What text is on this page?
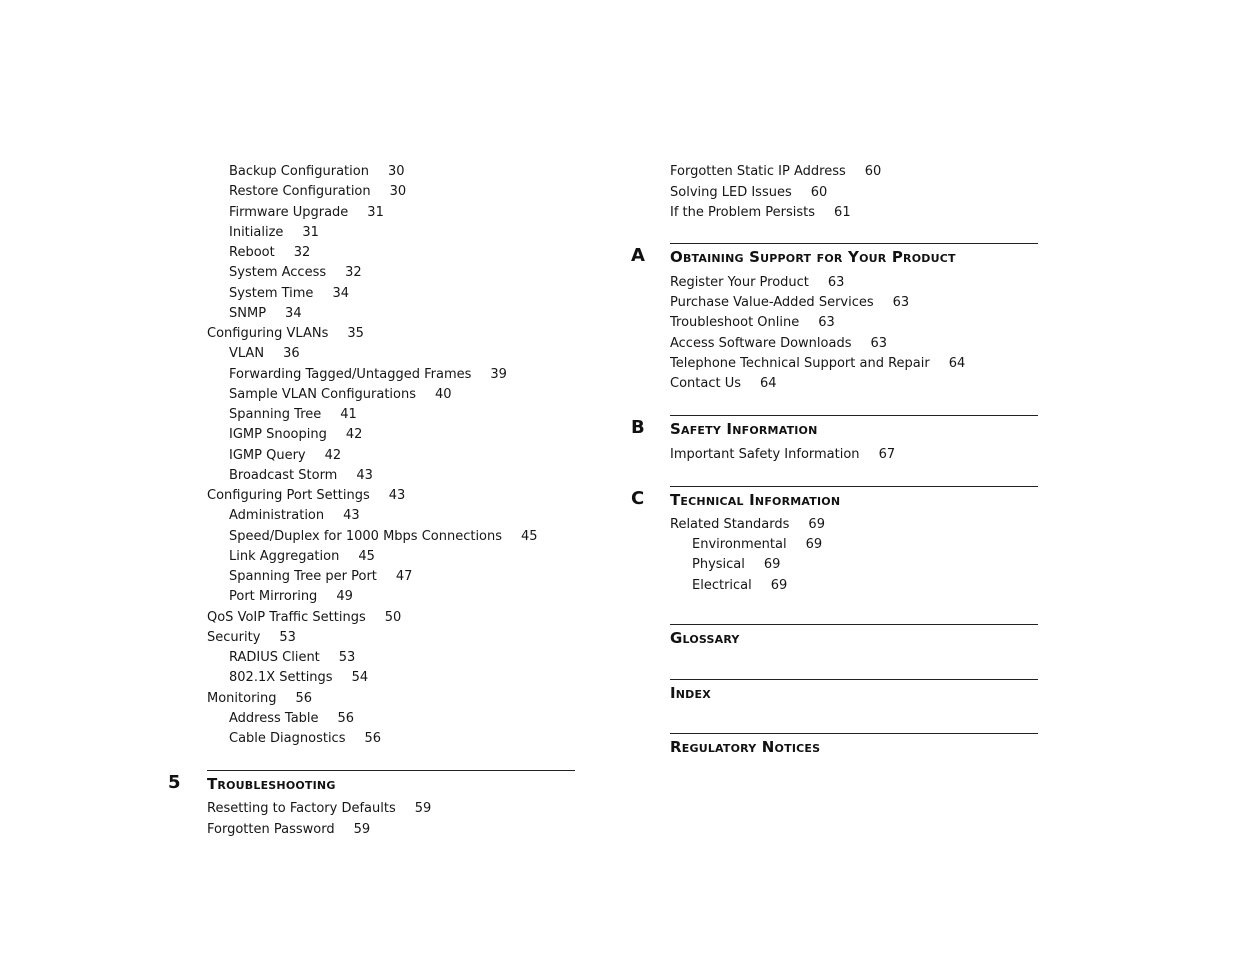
Backup Configuration 30
Restore Configuration 30
Firmware Upgrade 31
Initialize 31
Reboot 32
System Access 32
System Time 34
SNMP 34
Configuring VLANs 35
VLAN 36
Forwarding Tagged/Untagged Frames 39
Sample VLAN Configurations 40
Spanning Tree 41
IGMP Snooping 42
IGMP Query 42
Broadcast Storm 43
Configuring Port Settings 43
Administration 43
Speed/Duplex for 1000 Mbps Connections 45
Link Aggregation 45
Spanning Tree per Port 47
Port Mirroring 49
QoS VoIP Traffic Settings 50
Security 53
RADIUS Client 53
802.1X Settings 54
Monitoring 56
Address Table 56
Cable Diagnostics 56
5 Troubleshooting
Resetting to Factory Defaults 59
Forgotten Password 59
Forgotten Static IP Address 60
Solving LED Issues 60
If the Problem Persists 61
A Obtaining Support for Your Product
Register Your Product 63
Purchase Value-Added Services 63
Troubleshoot Online 63
Access Software Downloads 63
Telephone Technical Support and Repair 64
Contact Us 64
B Safety Information
Important Safety Information 67
C Technical Information
Related Standards 69
Environmental 69
Physical 69
Electrical 69
Glossary
Index
Regulatory Notices
